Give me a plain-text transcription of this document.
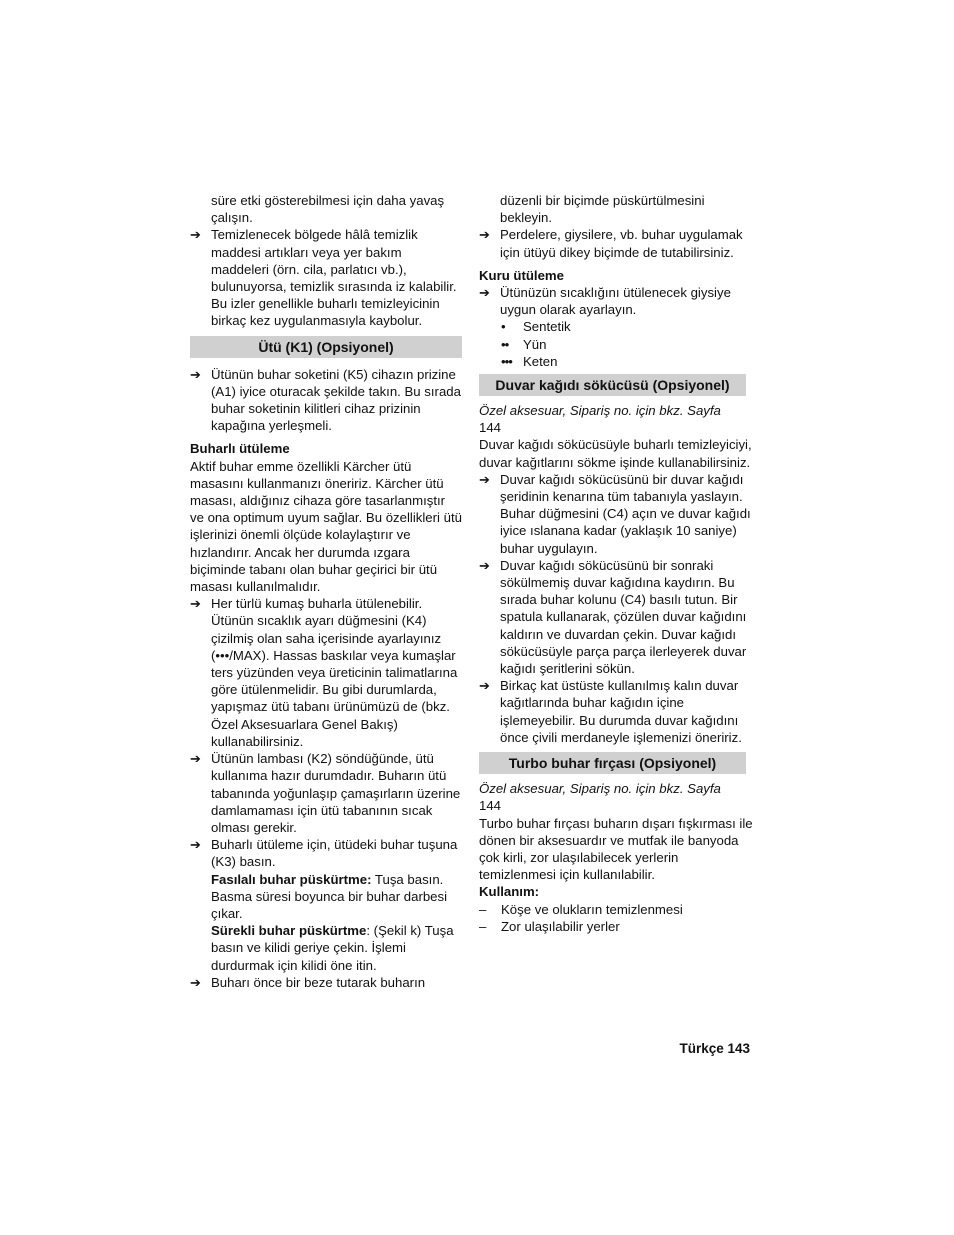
süre etki gösterebilmesi için daha yavaş çalışın.

➔ Temizlenecek bölgede hâlâ temizlik maddesi artıkları veya yer bakım maddeleri (örn. cila, parlatıcı vb.), bulunuyorsa, temizlik sırasında iz kalabilir. Bu izler genellikle buharlı temizleyicinin birkaç kez uygulanmasıyla kaybolur.

Ütü (K1) (Opsiyonel)
➔ Ütünün buhar soketini (K5) cihazın prizine (A1) iyice oturacak şekilde takın. Bu sırada buhar soketinin kilitleri cihaz prizinin kapağına yerleşmeli.

Buharlı ütüleme

Aktif buhar emme özellikli Kärcher ütü masasını kullanmanızı öneririz. Kärcher ütü masası, aldığınız cihaza göre tasarlanmıştır ve ona optimum uyum sağlar. Bu özellikleri ütü işlerinizi önemli ölçüde kolaylaştırır ve hızlandırır. Ancak her durumda ızgara biçiminde tabanı olan buhar geçirici bir ütü masası kullanılmalıdır.

➔ Her türlü kumaş buharla ütülenebilir. Ütünün sıcaklık ayarı düğmesini (K4) çizilmiş olan saha içerisinde ayarlayınız (•••/MAX). Hassas baskılar veya kumaşlar ters yüzünden veya üreticinin talimatlarına göre ütülenmelidir. Bu gibi durumlarda, yapışmaz ütü tabanı ürünümüzü de (bkz. Özel Aksesuarlara Genel Bakış) kullanabilirsiniz.

➔ Ütünün lambası (K2) söndüğünde, ütü kullanıma hazır durumdadır. Buharın ütü tabanında yoğunlaşıp çamaşırların üzerine damlamaması için ütü tabanının sıcak olması gerekir.

➔ Buharlı ütüleme için, ütüdeki buhar tuşuna (K3) basın.

Fasılalı buhar püskürtme: Tuşa basın. Basma süresi boyunca bir buhar darbesi çıkar.

Sürekli buhar püskürtme: (Şekil k) Tuşa basın ve kilidi geriye çekin. İşlemi durdurmak için kilidi öne itin.

➔ Buharı önce bir beze tutarak buharın

düzenli bir biçimde püskürtülmesini bekleyin.

➔ Perdelere, giysilere, vb. buhar uygulamak için ütüyü dikey biçimde de tutabilirsiniz.

Kuru ütüleme

➔ Ütünüzün sıcaklığını ütülenecek giysiye uygun olarak ayarlayın.

• Sentetik
•• Yün
••• Keten
Duvar kağıdı sökücüsü (Opsiyonel)

Özel aksesuar, Sipariş no. için bkz. Sayfa

144

Duvar kağıdı sökücüsüyle buharlı temizleyiciyi, duvar kağıtlarını sökme işinde kullanabilirsiniz.

➔ Duvar kağıdı sökücüsünü bir duvar kağıdı şeridinin kenarına tüm tabanıyla yaslayın. Buhar düğmesini (C4) açın ve duvar kağıdı iyice ıslanana kadar (yaklaşık 10 saniye) buhar uygulayın.

➔ Duvar kağıdı sökücüsünü bir sonraki sökülmemiş duvar kağıdına kaydırın. Bu sırada buhar kolunu (C4) basılı tutun. Bir spatula kullanarak, çözülen duvar kağıdını kaldırın ve duvardan çekin. Duvar kağıdı sökücüsüyle parça parça ilerleyerek duvar kağıdı şeritlerini sökün.

➔ Birkaç kat üstüste kullanılmış kalın duvar kağıtlarında buhar kağıdın içine işlemeyebilir. Bu durumda duvar kağıdını önce çivili merdaneyle işlemenizi öneririz.

Turbo buhar fırçası (Opsiyonel)

Özel aksesuar, Sipariş no. için bkz. Sayfa

144

Turbo buhar fırçası buharın dışarı fışkırması ile dönen bir aksesuardır ve mutfak ile banyoda çok kirli, zor ulaşılabilecek yerlerin temizlenmesi için kullanılabilir.

Kullanım:

– Köşe ve olukların temizlenmesi
– Zor ulaşılabilir yerler
Türkçe 143
